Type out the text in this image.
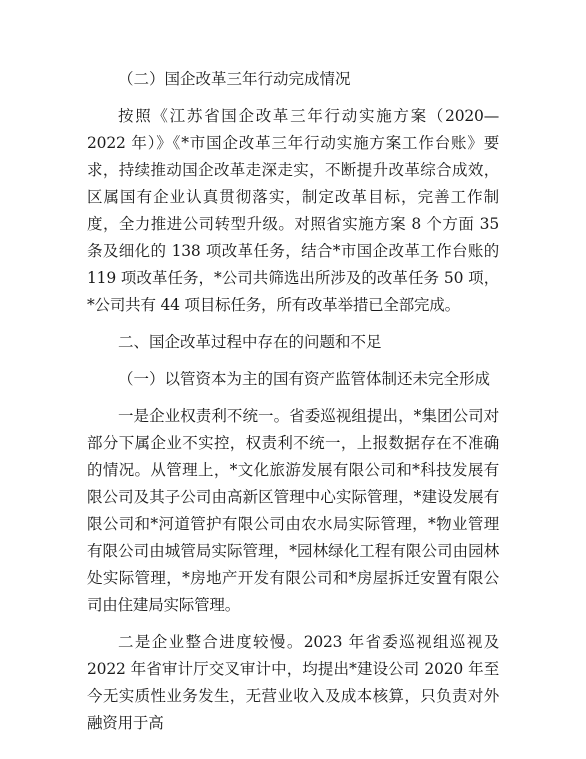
（二）国企改革三年行动完成情况

按照《江苏省国企改革三年行动实施方案（2020—2022 年）》《*市国企改革三年行动实施方案工作台账》要求，持续推动国企改革走深走实，不断提升改革综合成效，区属国有企业认真贯彻落实，制定改革目标，完善工作制度，全力推进公司转型升级。对照省实施方案 8 个方面 35 条及细化的 138 项改革任务，结合*市国企改革工作台账的 119 项改革任务，*公司共筛选出所涉及的改革任务 50 项，*公司共有 44 项目标任务，所有改革举措已全部完成。

二、国企改革过程中存在的问题和不足

（一）以管资本为主的国有资产监管体制还未完全形成

一是企业权责利不统一。省委巡视组提出，*集团公司对部分下属企业不实控，权责利不统一，上报数据存在不准确的情况。从管理上，*文化旅游发展有限公司和*科技发展有限公司及其子公司由高新区管理中心实际管理，*建设发展有限公司和*河道管护有限公司由农水局实际管理，*物业管理有限公司由城管局实际管理，*园林绿化工程有限公司由园林处实际管理，*房地产开发有限公司和*房屋拆迁安置有限公司由住建局实际管理。

二是企业整合进度较慢。2023 年省委巡视组巡视及 2022 年省审计厅交叉审计中，均提出*建设公司 2020 年至今无实质性业务发生，无营业收入及成本核算，只负责对外融资用于高
